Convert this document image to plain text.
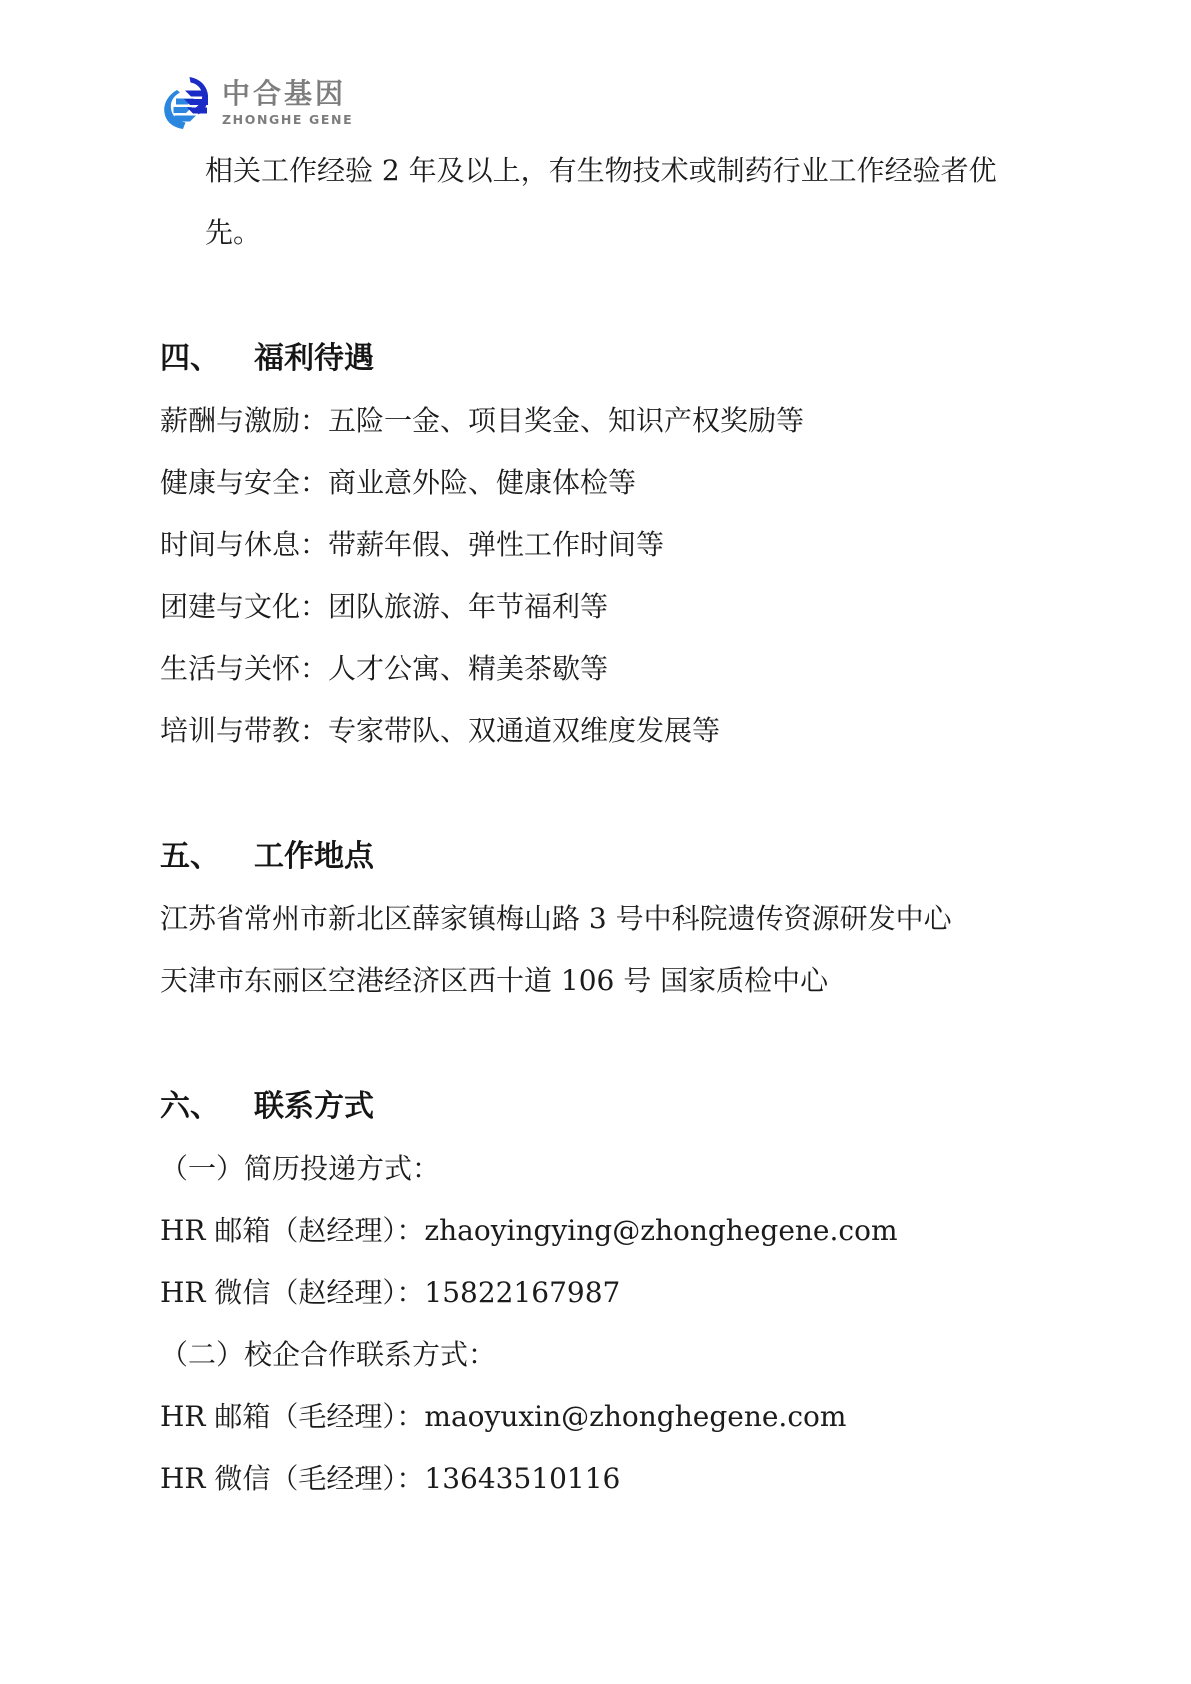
中合基因
ZHONGHE GENE

相关工作经验 2 年及以上，有生物技术或制药行业工作经验者优

先。

四、 福利待遇

薪酬与激励：五险一金、项目奖金、知识产权奖励等

健康与安全：商业意外险、健康体检等

时间与休息：带薪年假、弹性工作时间等

团建与文化：团队旅游、年节福利等

生活与关怀：人才公寓、精美茶歇等

培训与带教：专家带队、双通道双维度发展等

五、 工作地点

江苏省常州市新北区薛家镇梅山路 3 号中科院遗传资源研发中心

天津市东丽区空港经济区西十道 106 号 国家质检中心

六、 联系方式

（一）简历投递方式：

HR 邮箱（赵经理）：zhaoyingying@zhonghegene.com

HR 微信（赵经理）：15822167987

（二）校企合作联系方式：

HR 邮箱（毛经理）：maoyuxin@zhonghegene.com

HR 微信（毛经理）：13643510116
